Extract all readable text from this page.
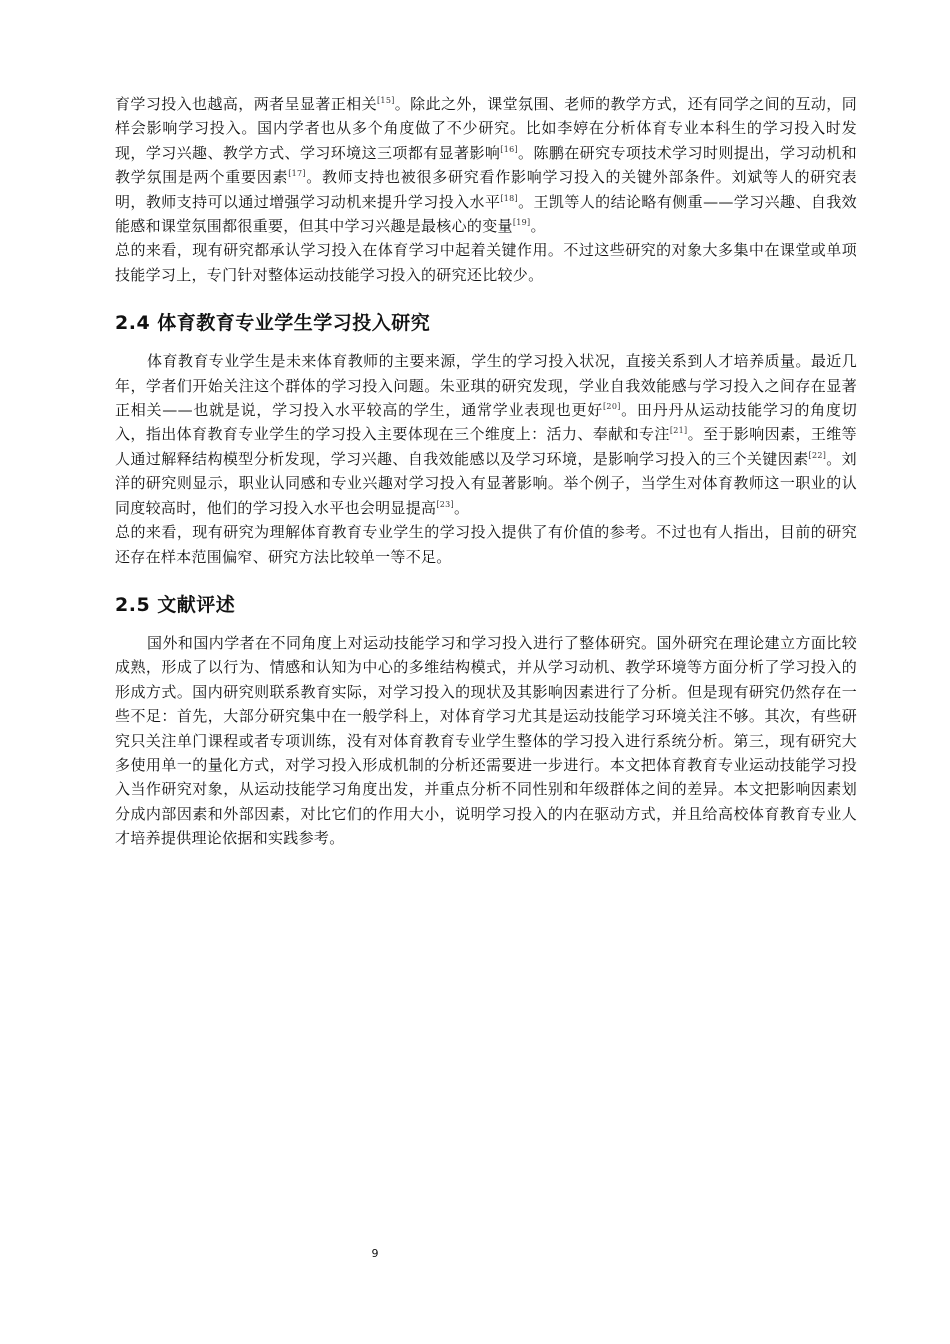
育学习投入也越高，两者呈显著正相关[15]。除此之外，课堂氛围、老师的教学方式，还有同学之间的互动，同样会影响学习投入。国内学者也从多个角度做了不少研究。比如李婷在分析体育专业本科生的学习投入时发现，学习兴趣、教学方式、学习环境这三项都有显著影响[16]。陈鹏在研究专项技术学习时则提出，学习动机和教学氛围是两个重要因素[17]。教师支持也被很多研究看作影响学习投入的关键外部条件。刘斌等人的研究表明，教师支持可以通过增强学习动机来提升学习投入水平[18]。王凯等人的结论略有侧重——学习兴趣、自我效能感和课堂氛围都很重要，但其中学习兴趣是最核心的变量[19]。

总的来看，现有研究都承认学习投入在体育学习中起着关键作用。不过这些研究的对象大多集中在课堂或单项技能学习上，专门针对整体运动技能学习投入的研究还比较少。

2.4 体育教育专业学生学习投入研究

体育教育专业学生是未来体育教师的主要来源，学生的学习投入状况，直接关系到人才培养质量。最近几年，学者们开始关注这个群体的学习投入问题。朱亚琪的研究发现，学业自我效能感与学习投入之间存在显著正相关——也就是说，学习投入水平较高的学生，通常学业表现也更好[20]。田丹丹从运动技能学习的角度切入，指出体育教育专业学生的学习投入主要体现在三个维度上：活力、奉献和专注[21]。至于影响因素，王维等人通过解释结构模型分析发现，学习兴趣、自我效能感以及学习环境，是影响学习投入的三个关键因素[22]。刘洋的研究则显示，职业认同感和专业兴趣对学习投入有显著影响。举个例子，当学生对体育教师这一职业的认同度较高时，他们的学习投入水平也会明显提高[23]。

总的来看，现有研究为理解体育教育专业学生的学习投入提供了有价值的参考。不过也有人指出，目前的研究还存在样本范围偏窄、研究方法比较单一等不足。

2.5 文献评述

国外和国内学者在不同角度上对运动技能学习和学习投入进行了整体研究。国外研究在理论建立方面比较成熟，形成了以行为、情感和认知为中心的多维结构模式，并从学习动机、教学环境等方面分析了学习投入的形成方式。国内研究则联系教育实际，对学习投入的现状及其影响因素进行了分析。但是现有研究仍然存在一些不足：首先，大部分研究集中在一般学科上，对体育学习尤其是运动技能学习环境关注不够。其次，有些研究只关注单门课程或者专项训练，没有对体育教育专业学生整体的学习投入进行系统分析。第三，现有研究大多使用单一的量化方式，对学习投入形成机制的分析还需要进一步进行。本文把体育教育专业运动技能学习投入当作研究对象，从运动技能学习角度出发，并重点分析不同性别和年级群体之间的差异。本文把影响因素划分成内部因素和外部因素，对比它们的作用大小，说明学习投入的内在驱动方式，并且给高校体育教育专业人才培养提供理论依据和实践参考。

9
